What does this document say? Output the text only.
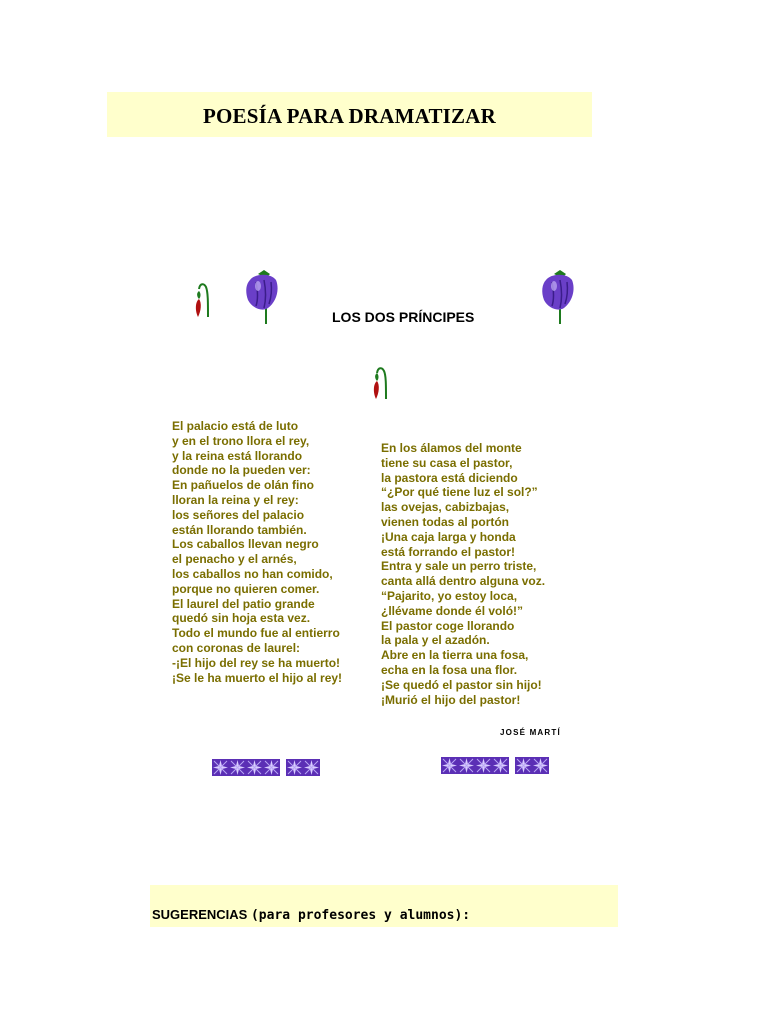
POESÍA PARA DRAMATIZAR
LOS DOS PRÍNCIPES

El palacio está de luto
y en el trono llora el rey,
y la reina está llorando
donde no la pueden ver:
En pañuelos de olán fino
lloran la reina y el rey:
los señores del palacio
están llorando también.
Los caballos llevan negro
el penacho y el arnés,
los caballos no han comido,
porque no quieren comer.
El laurel del patio grande
quedó sin hoja esta vez.
Todo el mundo fue al entierro
con coronas de laurel:
-¡El hijo del rey se ha muerto!
¡Se le ha muerto el hijo al rey!

En los álamos del monte
tiene su casa el pastor,
la pastora está diciendo
“¿Por qué tiene luz el sol?”
las ovejas, cabizbajas,
vienen todas al portón
¡Una caja larga y honda
está forrando el pastor!
Entra y sale un perro triste,
canta allá dentro alguna voz.
“Pajarito, yo estoy loca,
¿llévame donde él voló!”
El pastor coge llorando
la pala y el azadón.
Abre en la tierra una fosa,
echa en la fosa una flor.
¡Se quedó el pastor sin hijo!
¡Murió el hijo del pastor!

JOSÉ MARTÍ
SUGERENCIAS (para profesores y alumnos):
